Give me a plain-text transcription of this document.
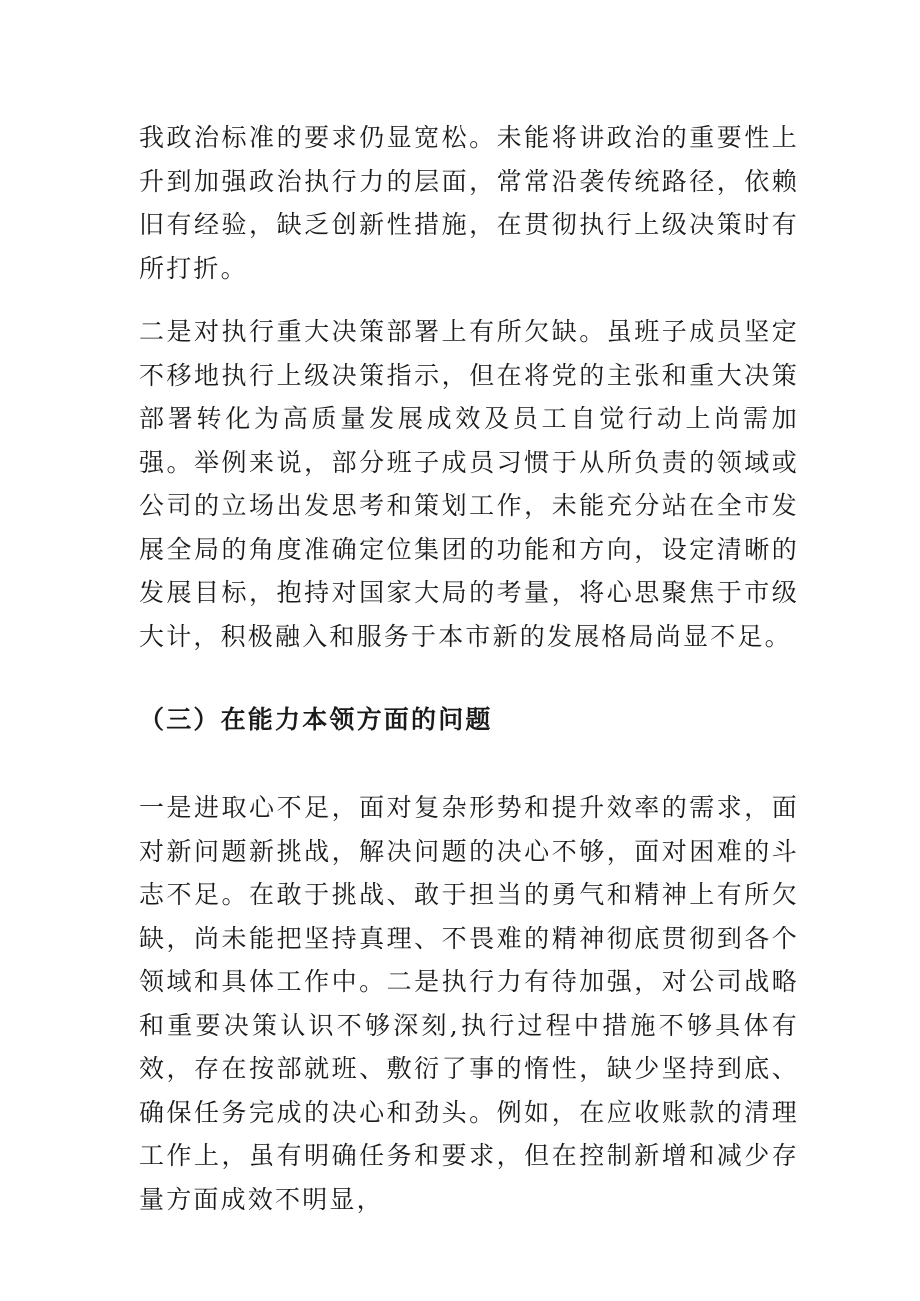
我政治标准的要求仍显宽松。未能将讲政治的重要性上升到加强政治执行力的层面，常常沿袭传统路径，依赖旧有经验，缺乏创新性措施，在贯彻执行上级决策时有所打折。

二是对执行重大决策部署上有所欠缺。虽班子成员坚定不移地执行上级决策指示，但在将党的主张和重大决策部署转化为高质量发展成效及员工自觉行动上尚需加强。举例来说，部分班子成员习惯于从所负责的领域或公司的立场出发思考和策划工作，未能充分站在全市发展全局的角度准确定位集团的功能和方向，设定清晰的发展目标，抱持对国家大局的考量，将心思聚焦于市级大计，积极融入和服务于本市新的发展格局尚显不足。

（三）在能力本领方面的问题

一是进取心不足，面对复杂形势和提升效率的需求，面对新问题新挑战，解决问题的决心不够，面对困难的斗志不足。在敢于挑战、敢于担当的勇气和精神上有所欠缺，尚未能把坚持真理、不畏难的精神彻底贯彻到各个领域和具体工作中。二是执行力有待加强，对公司战略和重要决策认识不够深刻,执行过程中措施不够具体有效，存在按部就班、敷衍了事的惰性，缺少坚持到底、确保任务完成的决心和劲头。例如，在应收账款的清理工作上，虽有明确任务和要求，但在控制新增和减少存量方面成效不明显，
